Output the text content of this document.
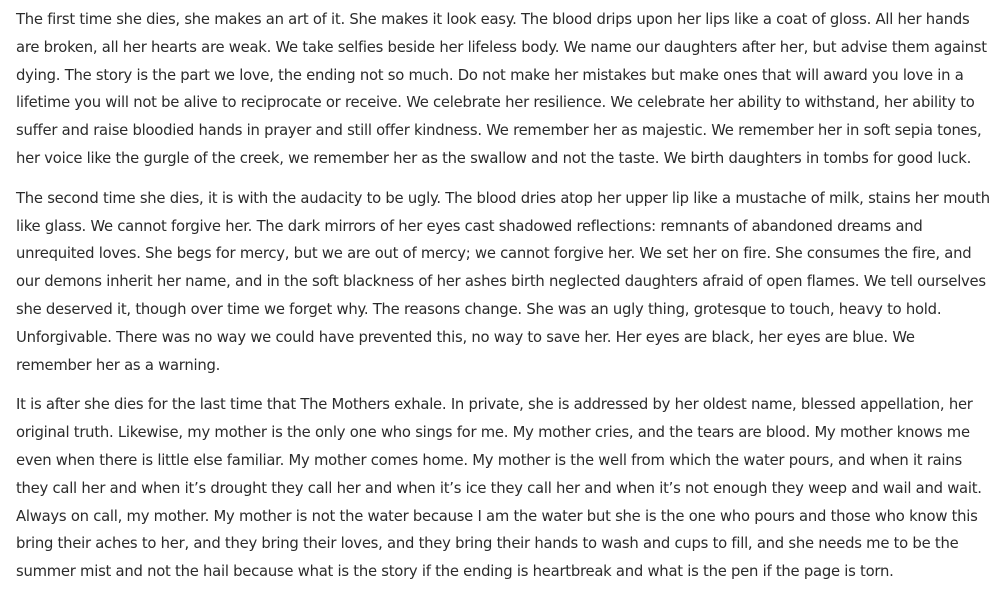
The first time she dies, she makes an art of it. She makes it look easy. The blood drips upon her lips like a coat of gloss. All her hands are broken, all her hearts are weak. We take selfies beside her lifeless body. We name our daughters after her, but advise them against dying. The story is the part we love, the ending not so much. Do not make her mistakes but make ones that will award you love in a lifetime you will not be alive to reciprocate or receive. We celebrate her resilience. We celebrate her ability to withstand, her ability to suffer and raise bloodied hands in prayer and still offer kindness. We remember her as majestic. We remember her in soft sepia tones, her voice like the gurgle of the creek, we remember her as the swallow and not the taste. We birth daughters in tombs for good luck.

The second time she dies, it is with the audacity to be ugly. The blood dries atop her upper lip like a mustache of milk, stains her mouth like glass. We cannot forgive her. The dark mirrors of her eyes cast shadowed reflections: remnants of abandoned dreams and unrequited loves. She begs for mercy, but we are out of mercy; we cannot forgive her. We set her on fire. She consumes the fire, and our demons inherit her name, and in the soft blackness of her ashes birth neglected daughters afraid of open flames. We tell ourselves she deserved it, though over time we forget why. The reasons change. She was an ugly thing, grotesque to touch, heavy to hold. Unforgivable. There was no way we could have prevented this, no way to save her. Her eyes are black, her eyes are blue. We remember her as a warning.

It is after she dies for the last time that The Mothers exhale. In private, she is addressed by her oldest name, blessed appellation, her original truth. Likewise, my mother is the only one who sings for me. My mother cries, and the tears are blood. My mother knows me even when there is little else familiar. My mother comes home. My mother is the well from which the water pours, and when it rains they call her and when it’s drought they call her and when it’s ice they call her and when it’s not enough they weep and wail and wait. Always on call, my mother. My mother is not the water because I am the water but she is the one who pours and those who know this bring their aches to her, and they bring their loves, and they bring their hands to wash and cups to fill, and she needs me to be the summer mist and not the hail because what is the story if the ending is heartbreak and what is the pen if the page is torn.
